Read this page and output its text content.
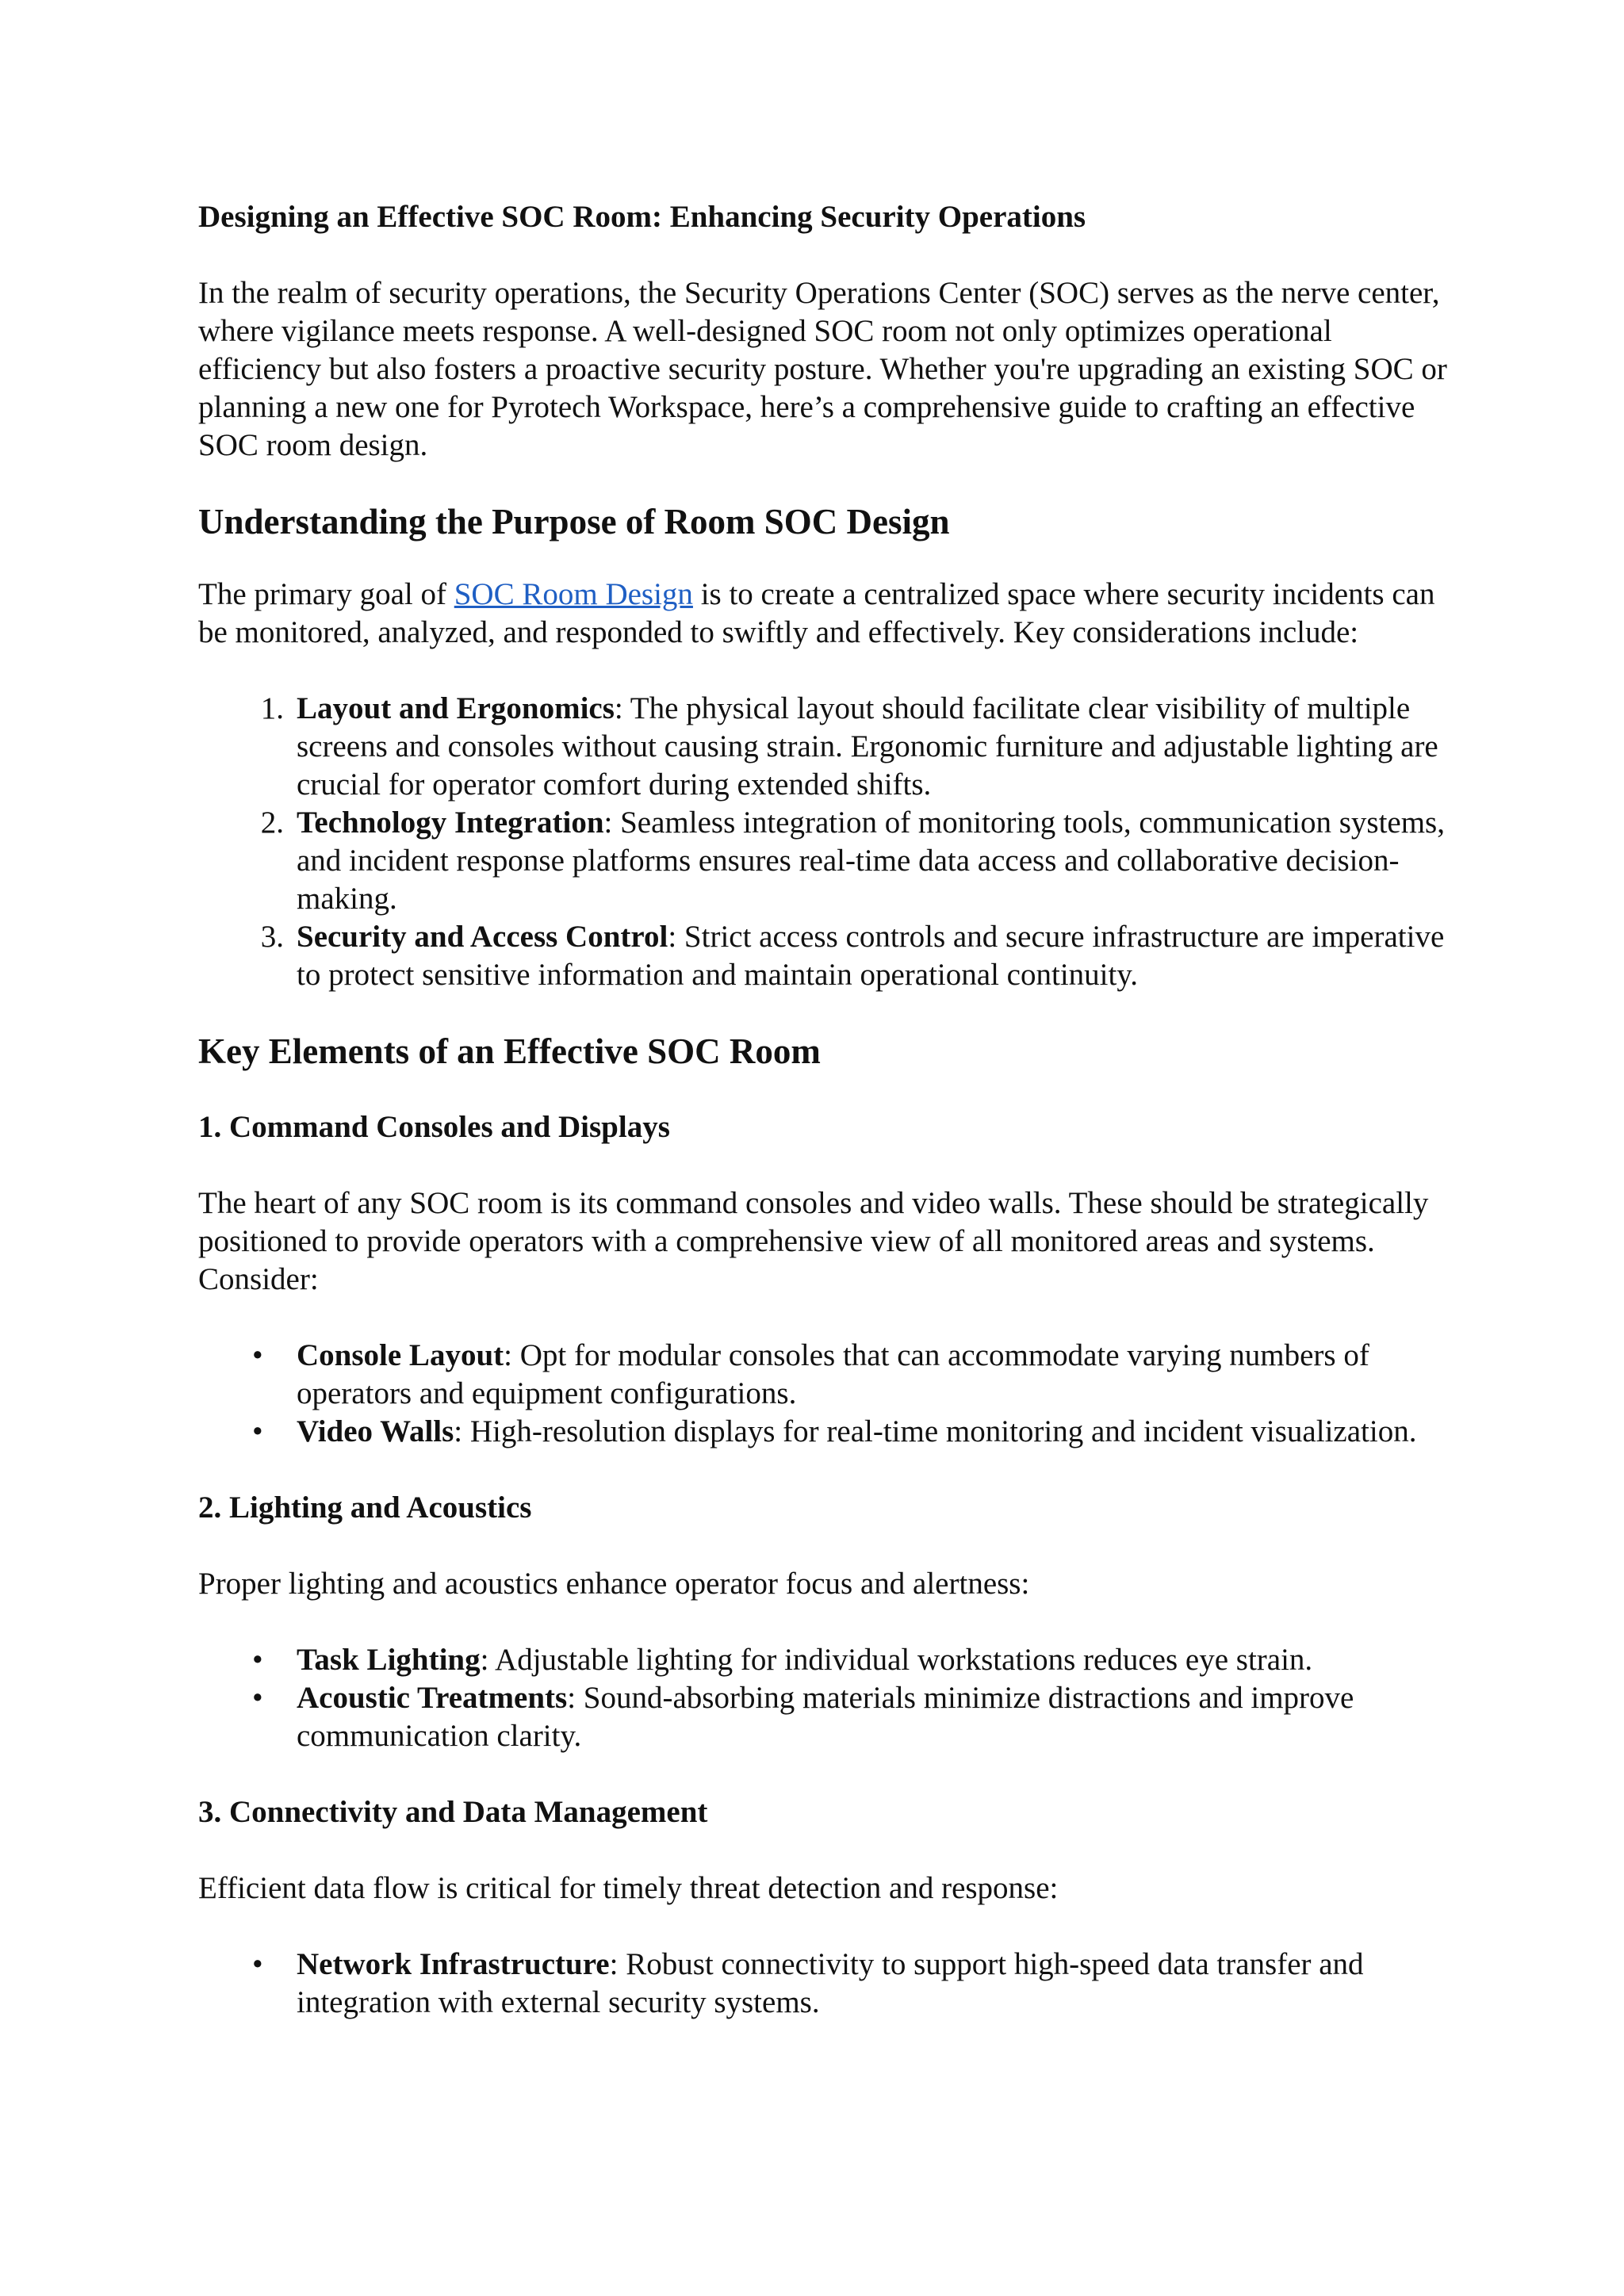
Designing an Effective SOC Room: Enhancing Security Operations

In the realm of security operations, the Security Operations Center (SOC) serves as the nerve center, where vigilance meets response. A well-designed SOC room not only optimizes operational efficiency but also fosters a proactive security posture. Whether you're upgrading an existing SOC or planning a new one for Pyrotech Workspace, here’s a comprehensive guide to crafting an effective SOC room design.

Understanding the Purpose of Room SOC Design

The primary goal of SOC Room Design is to create a centralized space where security incidents can be monitored, analyzed, and responded to swiftly and effectively. Key considerations include:

1. Layout and Ergonomics: The physical layout should facilitate clear visibility of multiple screens and consoles without causing strain. Ergonomic furniture and adjustable lighting are crucial for operator comfort during extended shifts.
2. Technology Integration: Seamless integration of monitoring tools, communication systems, and incident response platforms ensures real-time data access and collaborative decision-making.
3. Security and Access Control: Strict access controls and secure infrastructure are imperative to protect sensitive information and maintain operational continuity.
Key Elements of an Effective SOC Room
1. Command Consoles and Displays

The heart of any SOC room is its command consoles and video walls. These should be strategically positioned to provide operators with a comprehensive view of all monitored areas and systems. Consider:

• Console Layout: Opt for modular consoles that can accommodate varying numbers of operators and equipment configurations.
• Video Walls: High-resolution displays for real-time monitoring and incident visualization.
2. Lighting and Acoustics

Proper lighting and acoustics enhance operator focus and alertness:

• Task Lighting: Adjustable lighting for individual workstations reduces eye strain.
• Acoustic Treatments: Sound-absorbing materials minimize distractions and improve communication clarity.
3. Connectivity and Data Management

Efficient data flow is critical for timely threat detection and response:

• Network Infrastructure: Robust connectivity to support high-speed data transfer and integration with external security systems.
